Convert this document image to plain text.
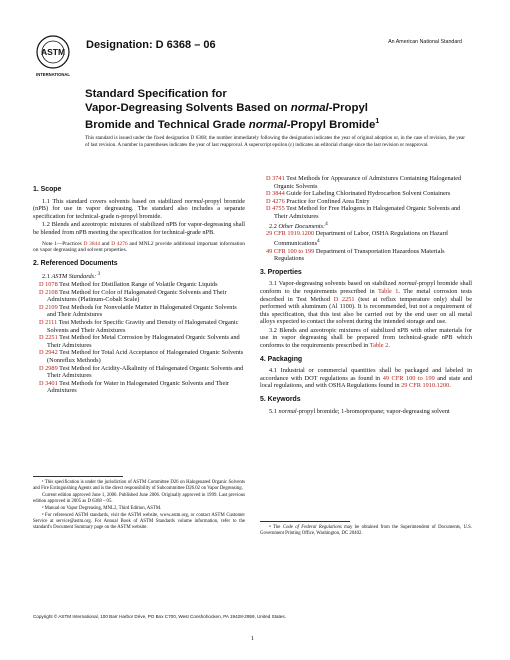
ASTM
INTERNATIONAL
Designation: D 6368 – 06	An American National Standard
Standard Specification for
Vapor-Degreasing Solvents Based on normal-Propyl
Bromide and Technical Grade normal-Propyl Bromide$^1$
This standard is issued under the fixed designation D 6368; the number immediately following the designation indicates the year of original adoption or, in the case of revision, the year of last revision. A number in parentheses indicates the year of last reapproval. A superscript epsilon (ε) indicates an editorial change since the last revision or reapproval.
1. Scope

1.1 This standard covers solvents based on stabilized normal-propyl bromide (nPB) for use in vapor degreasing. The standard also includes a separate specification for technical-grade n-propyl bromide.

1.2 Blends and azeotropic mixtures of stabilized nPB for vapor-degreasing shall be blended from nPB meeting the specification for technical-grade nPB.

Note 1—Practices D 3844 and D 4276 and MNL2 provide additional important information on vapor degreasing and solvent properties.
2. Referenced Documents
2.1 ASTM Standards: $^3$

D 1078 Test Method for Distillation Range of Volatile Organic Liquids

D 2108 Test Method for Color of Halogenated Organic Solvents and Their Admixtures (Platinum-Cobalt Scale)

D 2109 Test Methods for Nonvolatile Matter in Halogenated Organic Solvents and Their Admixtures

D 2111 Test Methods for Specific Gravity and Density of Halogenated Organic Solvents and Their Admixtures

D 2251 Test Method for Metal Corrosion by Halogenated Organic Solvents and Their Admixtures

D 2942 Test Method for Total Acid Acceptance of Halogenated Organic Solvents (Nonreflux Methods)

D 2989 Test Method for Acidity-Alkalinity of Halogenated Organic Solvents and Their Admixtures

D 3401 Test Methods for Water in Halogenated Organic Solvents and Their Admixtures

¹ This specification is under the jurisdiction of ASTM Committee D26 on Halogenated Organic Solvents and Fire Extinguishing Agents and is the direct responsibility of Subcommittee D26.02 on Vapor Degreasing.
Current edition approved June 1, 2006. Published June 2006. Originally approved in 1999. Last previous edition approved in 2005 as D 6368 – 05.
² Manual on Vapor Degreasing, MNL2, Third Edition, ASTM.
³ For referenced ASTM standards, visit the ASTM website, www.astm.org, or contact ASTM Customer Service at service@astm.org. For Annual Book of ASTM Standards volume information, refer to the standard's Document Summary page on the ASTM website.

D 3741 Test Methods for Appearance of Admixtures Containing Halogenated Organic Solvents

D 3844 Guide for Labeling Chlorinated Hydrocarbon Solvent Containers

D 4276 Practice for Confined Area Entry

D 4755 Test Method for Free Halogens in Halogenated Organic Solvents and Their Admixtures

2.2 Other Documents:$^4$

29 CFR 1919.1200 Department of Labor, OSHA Regulations on Hazard Communications$^4$

49 CFR 100 to 199 Department of Transportation Hazardous Materials Regulations

3. Properties

3.1 Vapor-degreasing solvents based on stabilized normal-propyl bromide shall conform to the requirements prescribed in Table 1. The metal corrosion tests described in Test Method D 2251 (test at reflux temperature only) shall be performed with aluminum (Al 1100). It is recommended, but not a requirement of this specification, that this test also be carried out by the end user on all metal alloys expected to contact the solvent during the intended storage and use.

3.2 Blends and azeotropic mixtures of stabilized nPB with other materials for use in vapor degreasing shall be prepared from technical-grade nPB which conforms to the requirements prescribed in Table 2.

4. Packaging

4.1 Industrial or commercial quantities shall be packaged and labeled in accordance with DOT regulations as found in 49 CFR 100 to 199 and state and local regulations, and with OSHA Regulations found in 29 CFR 1910.1200.

5. Keywords

5.1 normal-propyl bromide; 1-bromopropane; vapor-degreasing solvent

⁴ The Code of Federal Regulations may be obtained from the Superintendent of Documents, U.S. Government Printing Office, Washington, DC 20402.
Copyright © ASTM International, 100 Barr Harbor Drive, PO Box C700, West Conshohocken, PA 19428-2959, United States.
1
